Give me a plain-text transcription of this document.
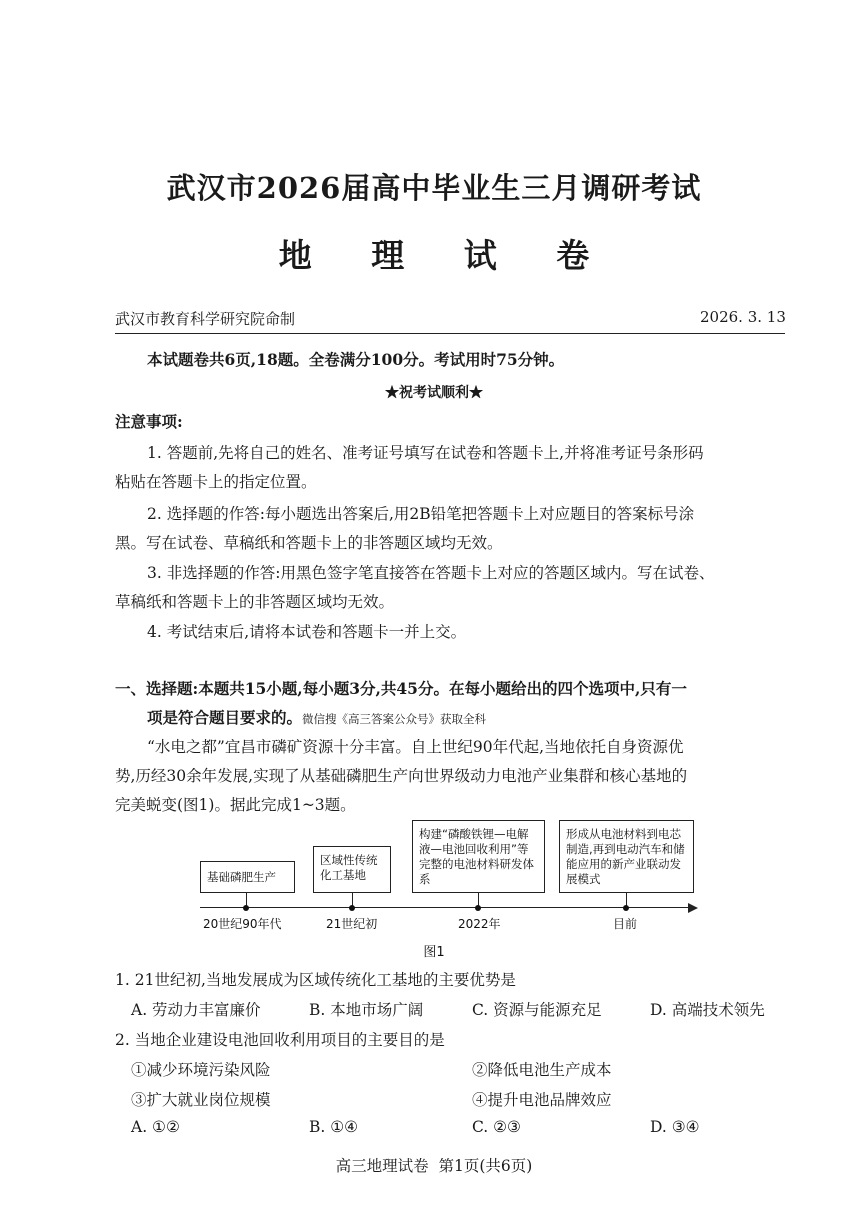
武汉市2026届高中毕业生三月调研考试
地 理 试 卷
武汉市教育科学研究院命制	2026. 3. 13
本试题卷共6页,18题。全卷满分100分。考试用时75分钟。
★祝考试顺利★
注意事项:
1. 答题前,先将自己的姓名、准考证号填写在试卷和答题卡上,并将准考证号条形码
粘贴在答题卡上的指定位置。
2. 选择题的作答:每小题选出答案后,用2B铅笔把答题卡上对应题目的答案标号涂
黑。写在试卷、草稿纸和答题卡上的非答题区域均无效。
3. 非选择题的作答:用黑色签字笔直接答在答题卡上对应的答题区域内。写在试卷、
草稿纸和答题卡上的非答题区域均无效。
4. 考试结束后,请将本试卷和答题卡一并上交。
一、选择题:本题共15小题,每小题3分,共45分。在每小题给出的四个选项中,只有一
项是符合题目要求的。微信搜《高三答案公众号》获取全科
“水电之都”宜昌市磷矿资源十分丰富。自上世纪90年代起,当地依托自身资源优
势,历经30余年发展,实现了从基础磷肥生产向世界级动力电池产业集群和核心基地的
完美蜕变(图1)。据此完成1~3题。
基础磷肥生产
区域性传统化工基地
构建“磷酸铁锂—电解液—电池回收利用”等完整的电池材料研发体系
形成从电池材料到电芯制造,再到电动汽车和储能应用的新产业联动发展模式
20世纪90年代	21世纪初	2022年	目前
图1
1. 21世纪初,当地发展成为区域传统化工基地的主要优势是
A. 劳动力丰富廉价	B. 本地市场广阔	C. 资源与能源充足	D. 高端技术领先
2. 当地企业建设电池回收利用项目的主要目的是
①减少环境污染风险	②降低电池生产成本
③扩大就业岗位规模	④提升电池品牌效应
A. ①②	B. ①④	C. ②③	D. ③④
高三地理试卷  第1页(共6页)
